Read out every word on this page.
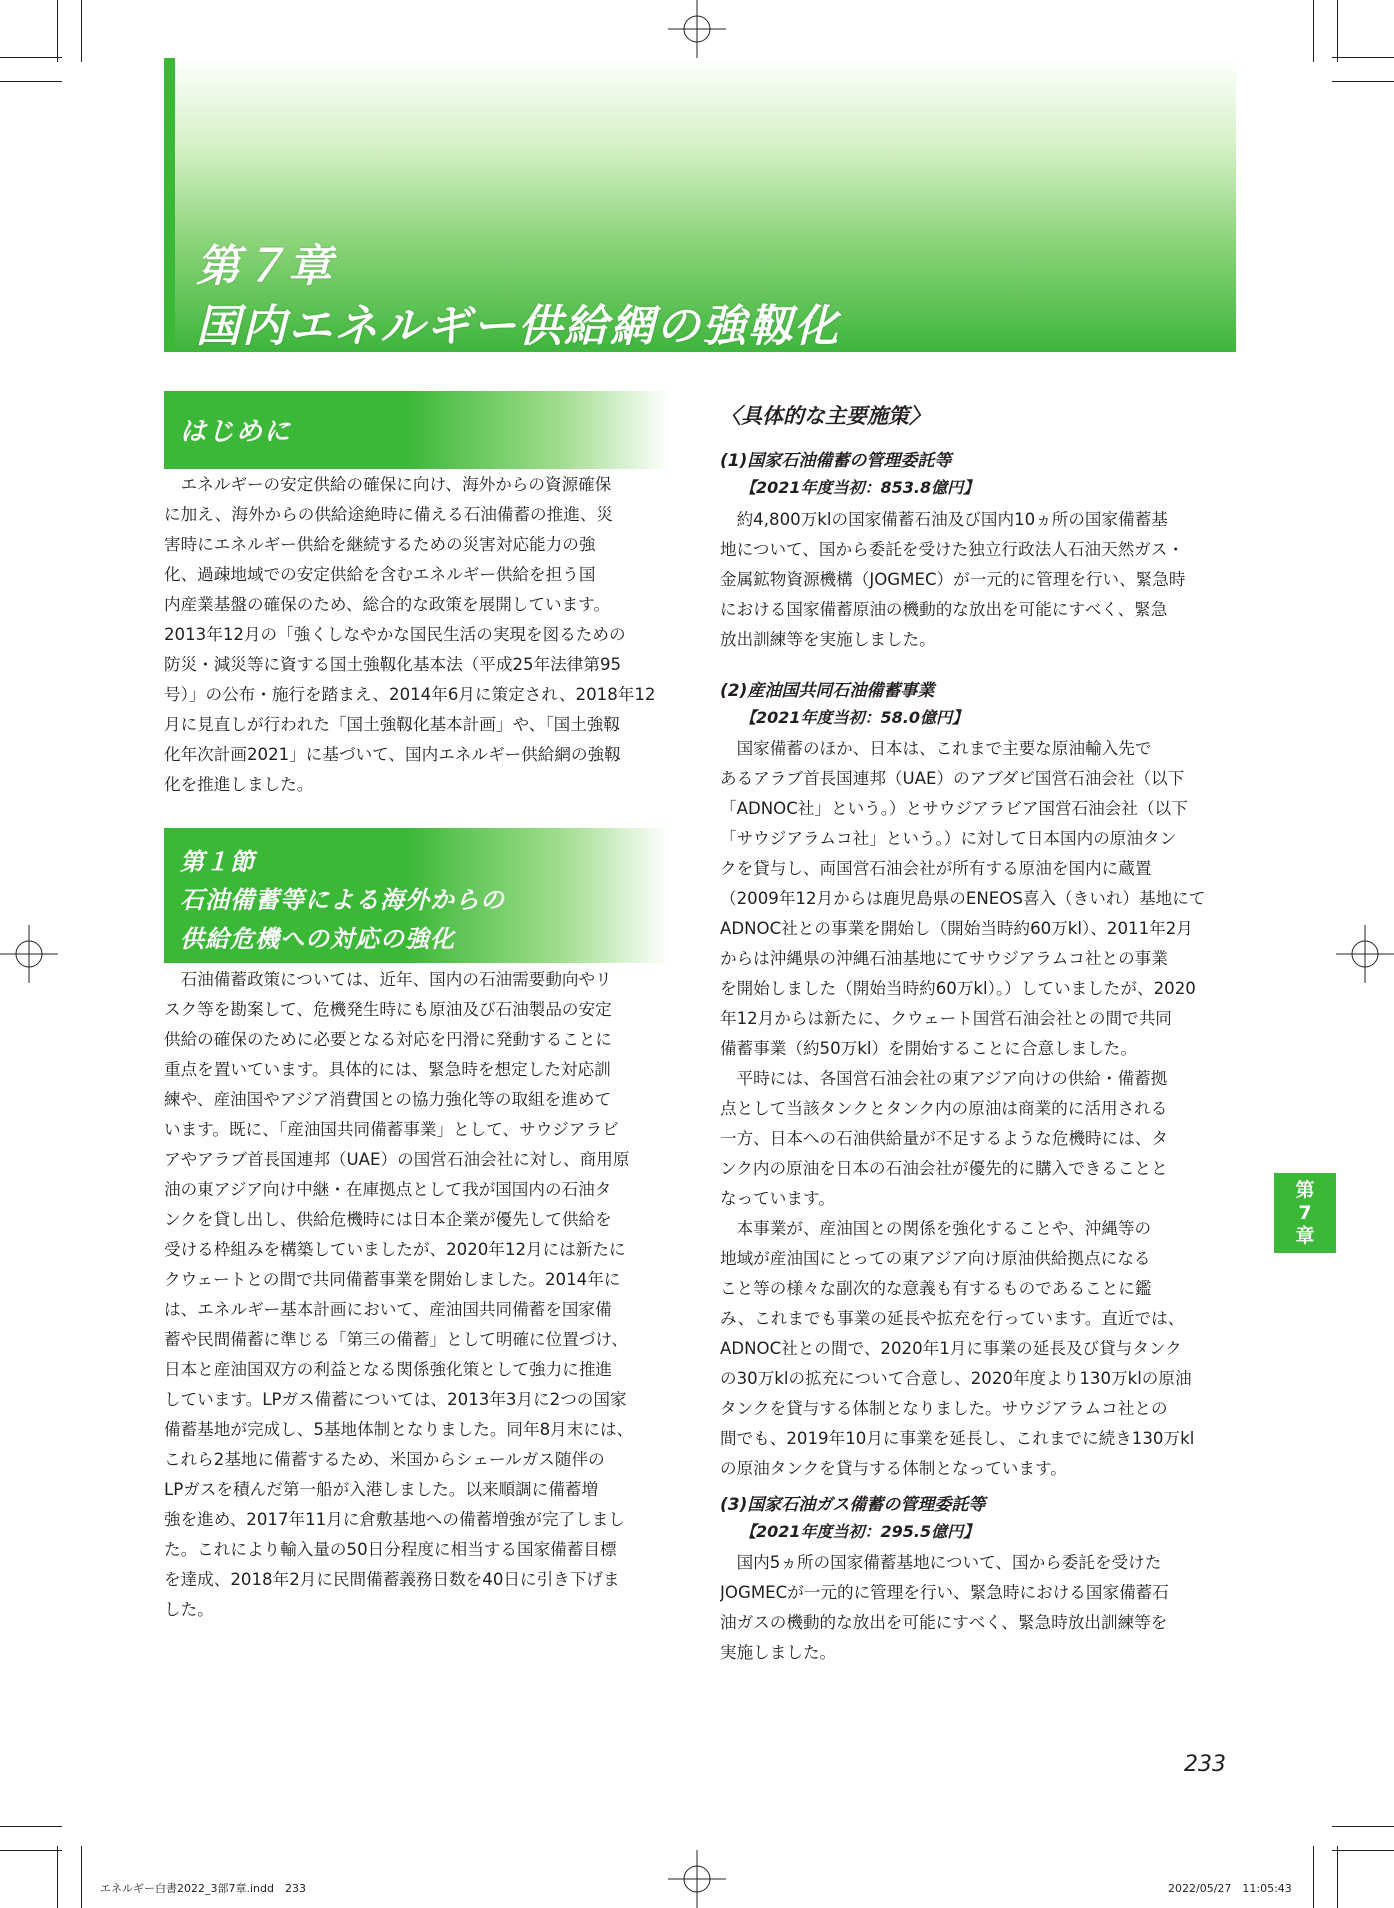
第７章
国内エネルギー供給網の強靱化
はじめに
　エネルギーの安定供給の確保に向け、海外からの資源確保
に加え、海外からの供給途絶時に備える石油備蓄の推進、災
害時にエネルギー供給を継続するための災害対応能力の強
化、過疎地域での安定供給を含むエネルギー供給を担う国
内産業基盤の確保のため、総合的な政策を展開しています。
2013年12月の「強くしなやかな国民生活の実現を図るための
防災・減災等に資する国土強靱化基本法（平成25年法律第95
号）」の公布・施行を踏まえ、2014年6月に策定され、2018年12
月に見直しが行われた「国土強靱化基本計画」や、「国土強靱
化年次計画2021」に基づいて、国内エネルギー供給網の強靱
化を推進しました。
第１節
石油備蓄等による海外からの
供給危機への対応の強化
　石油備蓄政策については、近年、国内の石油需要動向やリ
スク等を勘案して、危機発生時にも原油及び石油製品の安定
供給の確保のために必要となる対応を円滑に発動することに
重点を置いています。具体的には、緊急時を想定した対応訓
練や、産油国やアジア消費国との協力強化等の取組を進めて
います。既に、「産油国共同備蓄事業」として、サウジアラビ
アやアラブ首長国連邦（UAE）の国営石油会社に対し、商用原
油の東アジア向け中継・在庫拠点として我が国国内の石油タ
ンクを貸し出し、供給危機時には日本企業が優先して供給を
受ける枠組みを構築していましたが、2020年12月には新たに
クウェートとの間で共同備蓄事業を開始しました。2014年に
は、エネルギー基本計画において、産油国共同備蓄を国家備
蓄や民間備蓄に準じる「第三の備蓄」として明確に位置づけ、
日本と産油国双方の利益となる関係強化策として強力に推進
しています。LPガス備蓄については、2013年3月に2つの国家
備蓄基地が完成し、5基地体制となりました。同年8月末には、
これら2基地に備蓄するため、米国からシェールガス随伴の
LPガスを積んだ第一船が入港しました。以来順調に備蓄増
強を進め、2017年11月に倉敷基地への備蓄増強が完了しまし
た。これにより輸入量の50日分程度に相当する国家備蓄目標
を達成、2018年2月に民間備蓄義務日数を40日に引き下げま
した。
〈具体的な主要施策〉
(1)国家石油備蓄の管理委託等
【2021年度当初：853.8億円】
　約4,800万klの国家備蓄石油及び国内10ヵ所の国家備蓄基
地について、国から委託を受けた独立行政法人石油天然ガス・
金属鉱物資源機構（JOGMEC）が一元的に管理を行い、緊急時
における国家備蓄原油の機動的な放出を可能にすべく、緊急
放出訓練等を実施しました。
(2)産油国共同石油備蓄事業
【2021年度当初：58.0億円】
　国家備蓄のほか、日本は、これまで主要な原油輸入先で
あるアラブ首長国連邦（UAE）のアブダビ国営石油会社（以下
「ADNOC社」という。）とサウジアラビア国営石油会社（以下
「サウジアラムコ社」という。）に対して日本国内の原油タン
クを貸与し、両国営石油会社が所有する原油を国内に蔵置
（2009年12月からは鹿児島県のENEOS喜入（きいれ）基地にて
ADNOC社との事業を開始し（開始当時約60万kl）、2011年2月
からは沖縄県の沖縄石油基地にてサウジアラムコ社との事業
を開始しました（開始当時約60万kl）。）していましたが、2020
年12月からは新たに、クウェート国営石油会社との間で共同
備蓄事業（約50万kl）を開始することに合意しました。
　平時には、各国営石油会社の東アジア向けの供給・備蓄拠
点として当該タンクとタンク内の原油は商業的に活用される
一方、日本への石油供給量が不足するような危機時には、タ
ンク内の原油を日本の石油会社が優先的に購入できることと
なっています。
　本事業が、産油国との関係を強化することや、沖縄等の
地域が産油国にとっての東アジア向け原油供給拠点になる
こと等の様々な副次的な意義も有するものであることに鑑
み、これまでも事業の延長や拡充を行っています。直近では、
ADNOC社との間で、2020年1月に事業の延長及び貸与タンク
の30万klの拡充について合意し、2020年度より130万klの原油
タンクを貸与する体制となりました。サウジアラムコ社との
間でも、2019年10月に事業を延長し、これまでに続き130万kl
の原油タンクを貸与する体制となっています。
(3)国家石油ガス備蓄の管理委託等
【2021年度当初：295.5億円】
　国内5ヵ所の国家備蓄基地について、国から委託を受けた
JOGMECが一元的に管理を行い、緊急時における国家備蓄石
油ガスの機動的な放出を可能にすべく、緊急時放出訓練等を
実施しました。
第
7
章
233
エネルギー白書2022_3部7章.indd　233	2022/05/27　11:05:43
